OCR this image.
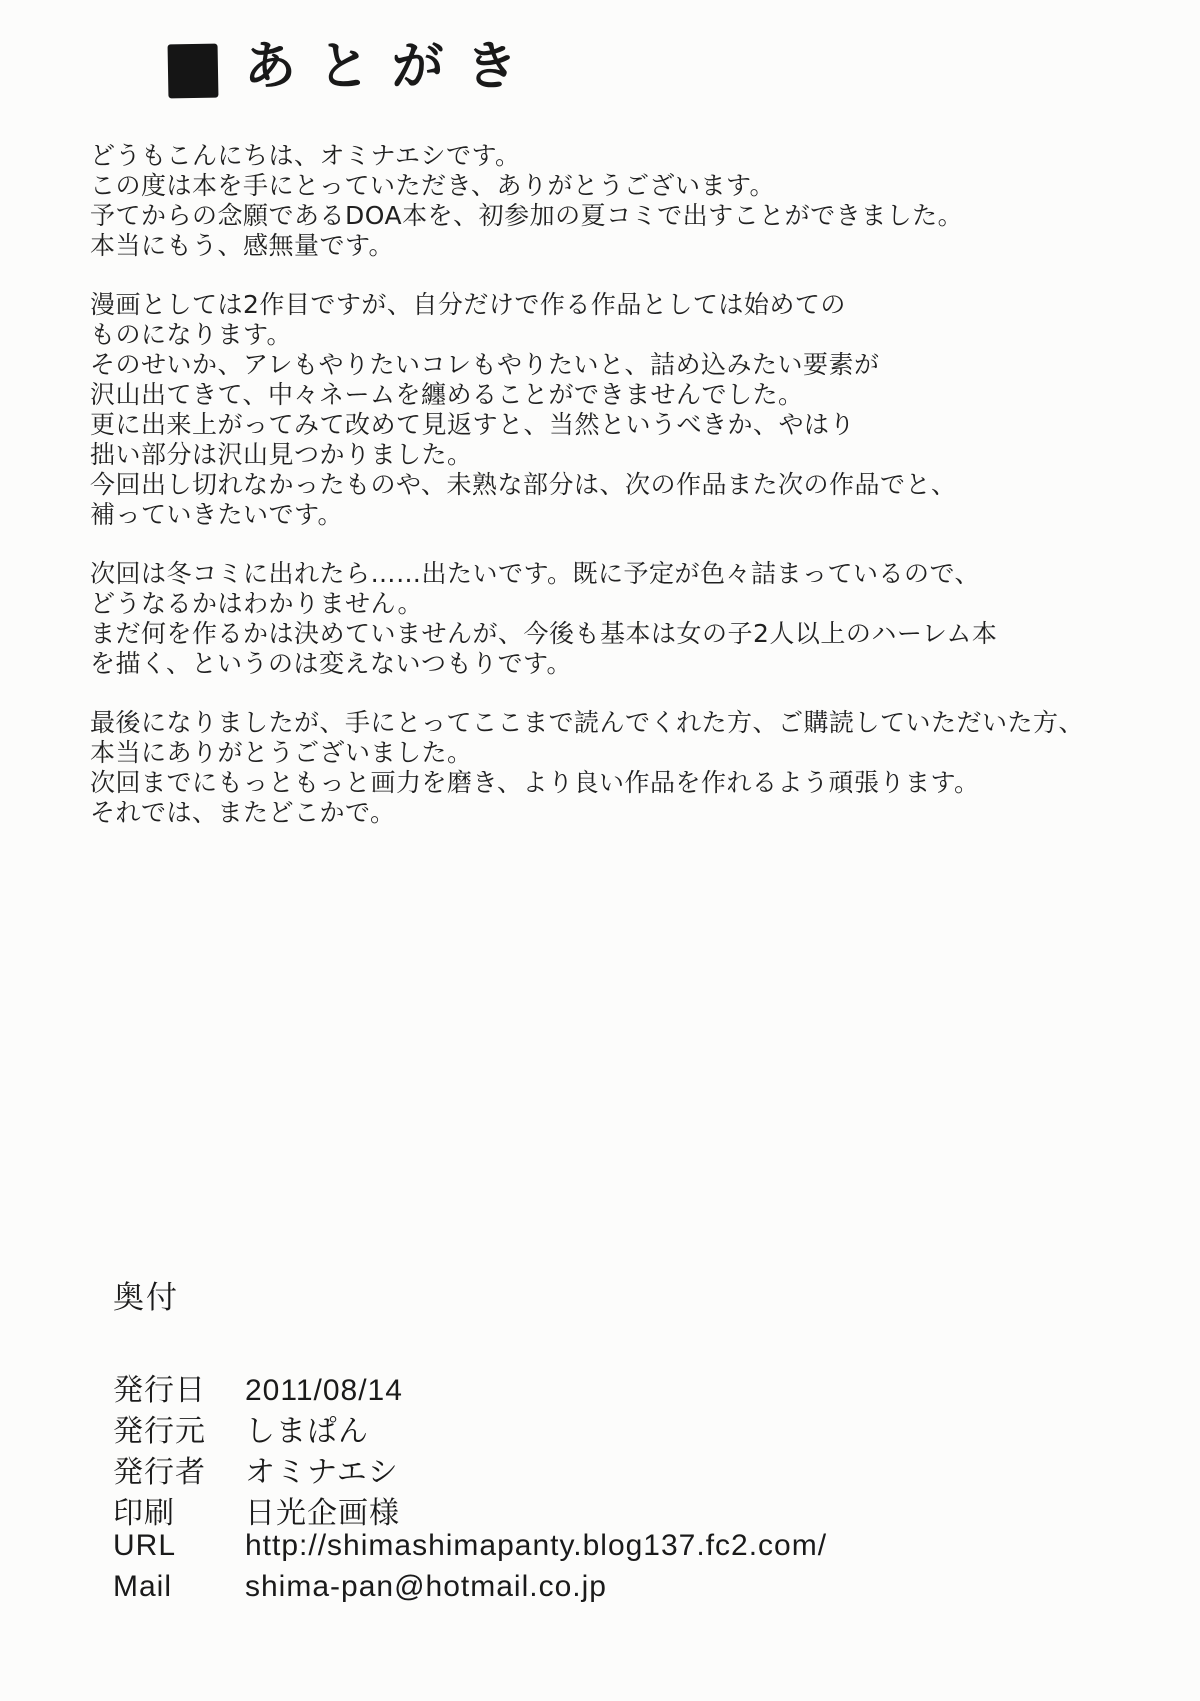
あとがき

どうもこんにちは、オミナエシです。
この度は本を手にとっていただき、ありがとうございます。
予てからの念願であるDOA本を、初参加の夏コミで出すことができました。
本当にもう、感無量です。

漫画としては2作目ですが、自分だけで作る作品としては始めての
ものになります。
そのせいか、アレもやりたいコレもやりたいと、詰め込みたい要素が
沢山出てきて、中々ネームを纏めることができませんでした。
更に出来上がってみて改めて見返すと、当然というべきか、やはり
拙い部分は沢山見つかりました。
今回出し切れなかったものや、未熟な部分は、次の作品また次の作品でと、
補っていきたいです。

次回は冬コミに出れたら……出たいです。既に予定が色々詰まっているので、
どうなるかはわかりません。
まだ何を作るかは決めていませんが、今後も基本は女の子2人以上のハーレム本
を描く、というのは変えないつもりです。

最後になりましたが、手にとってここまで読んでくれた方、ご購読していただいた方、
本当にありがとうございました。
次回までにもっともっと画力を磨き、より良い作品を作れるよう頑張ります。
それでは、またどこかで。

奥付
発行日	2011/08/14
発行元	しまぱん
発行者	オミナエシ
印刷	日光企画様
URL	http://shimashimapanty.blog137.fc2.com/
Mail	shima-pan@hotmail.co.jp
